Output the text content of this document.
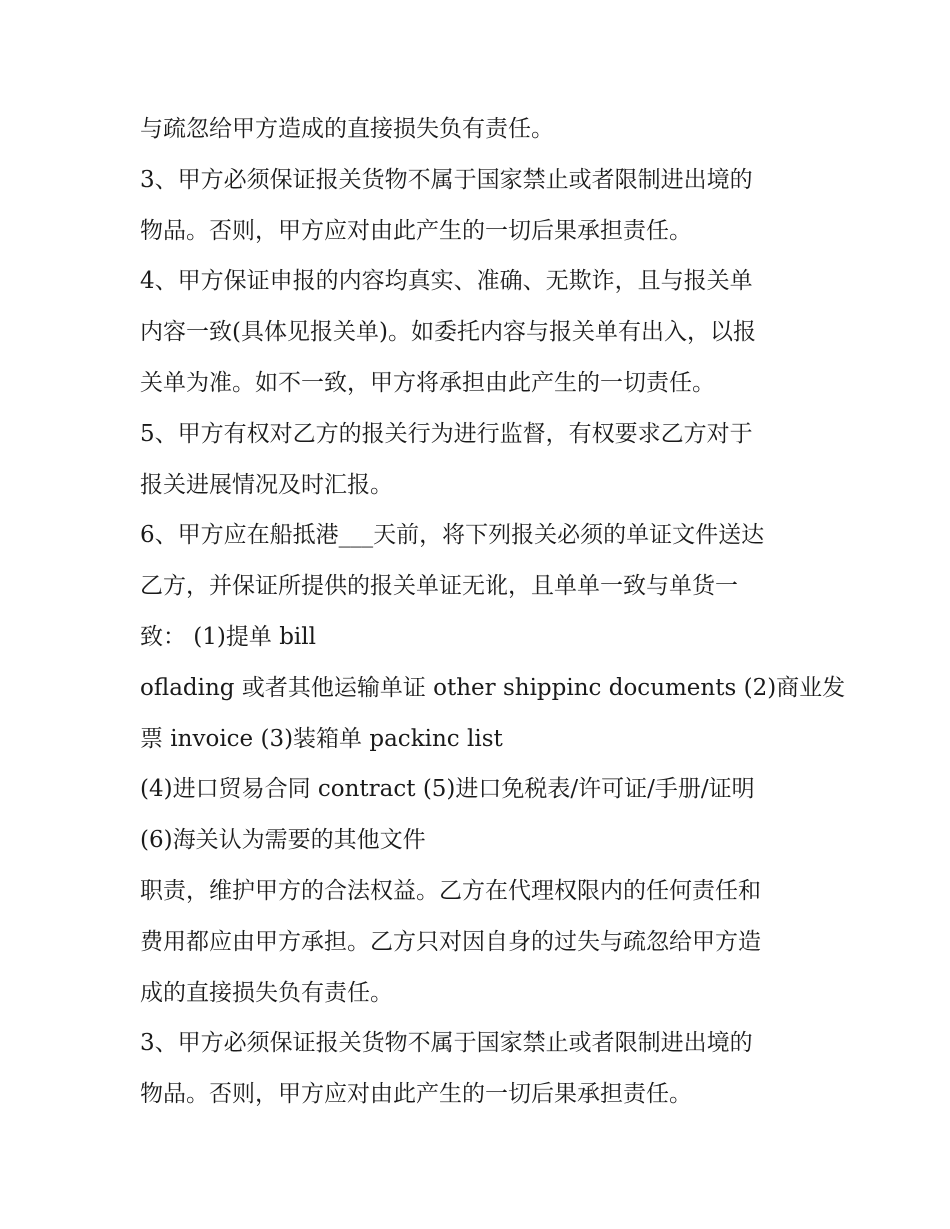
与疏忽给甲方造成的直接损失负有责任。

3、甲方必须保证报关货物不属于国家禁止或者限制进出境的

物品。否则，甲方应对由此产生的一切后果承担责任。

4、甲方保证申报的内容均真实、准确、无欺诈，且与报关单

内容一致(具体见报关单)。如委托内容与报关单有出入，以报

关单为准。如不一致，甲方将承担由此产生的一切责任。

5、甲方有权对乙方的报关行为进行监督，有权要求乙方对于

报关进展情况及时汇报。

6、甲方应在船抵港___天前，将下列报关必须的单证文件送达

乙方，并保证所提供的报关单证无讹，且单单一致与单货一

致： (1)提单 bill

oflading 或者其他运输单证 other shippinc documents (2)商业发

票 invoice (3)装箱单 packinc list

(4)进口贸易合同 contract (5)进口免税表/许可证/手册/证明

(6)海关认为需要的其他文件

职责，维护甲方的合法权益。乙方在代理权限内的任何责任和

费用都应由甲方承担。乙方只对因自身的过失与疏忽给甲方造

成的直接损失负有责任。

3、甲方必须保证报关货物不属于国家禁止或者限制进出境的

物品。否则，甲方应对由此产生的一切后果承担责任。
